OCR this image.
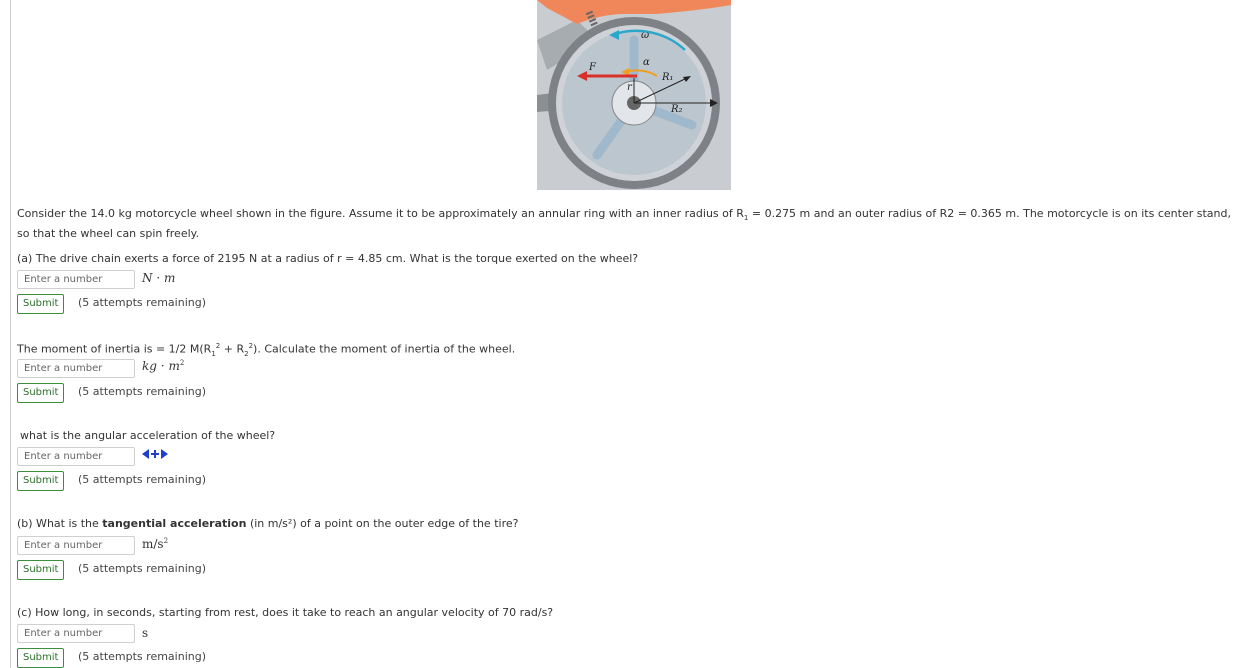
ω
α
F
r
R₁
R₂
Consider the 14.0 kg motorcycle wheel shown in the figure. Assume it to be approximately an annular ring with an inner radius of $R_1 = 0.275$ m and an outer radius of R2 = 0.365 m. The motorcycle is on its center stand, so that the wheel can spin freely.
(a) The drive chain exerts a force of 2195 N at a radius of r = 4.85 cm. What is the torque exerted on the wheel?
Enter a number
N · m
Submit	(5 attempts remaining)
The moment of inertia is = 1/2 $M(R_1^2 + R_2^2)$. Calculate the moment of inertia of the wheel.
Enter a number
kg · $m^2$
Submit	(5 attempts remaining)
what is the angular acceleration of the wheel?
Enter a number
Submit	(5 attempts remaining)
(b) What is the tangential acceleration (in m/s²) of a point on the outer edge of the tire?
Enter a number
$m/s^2$
Submit	(5 attempts remaining)
(c) How long, in seconds, starting from rest, does it take to reach an angular velocity of 70 rad/s?
Enter a number
s
Submit	(5 attempts remaining)
